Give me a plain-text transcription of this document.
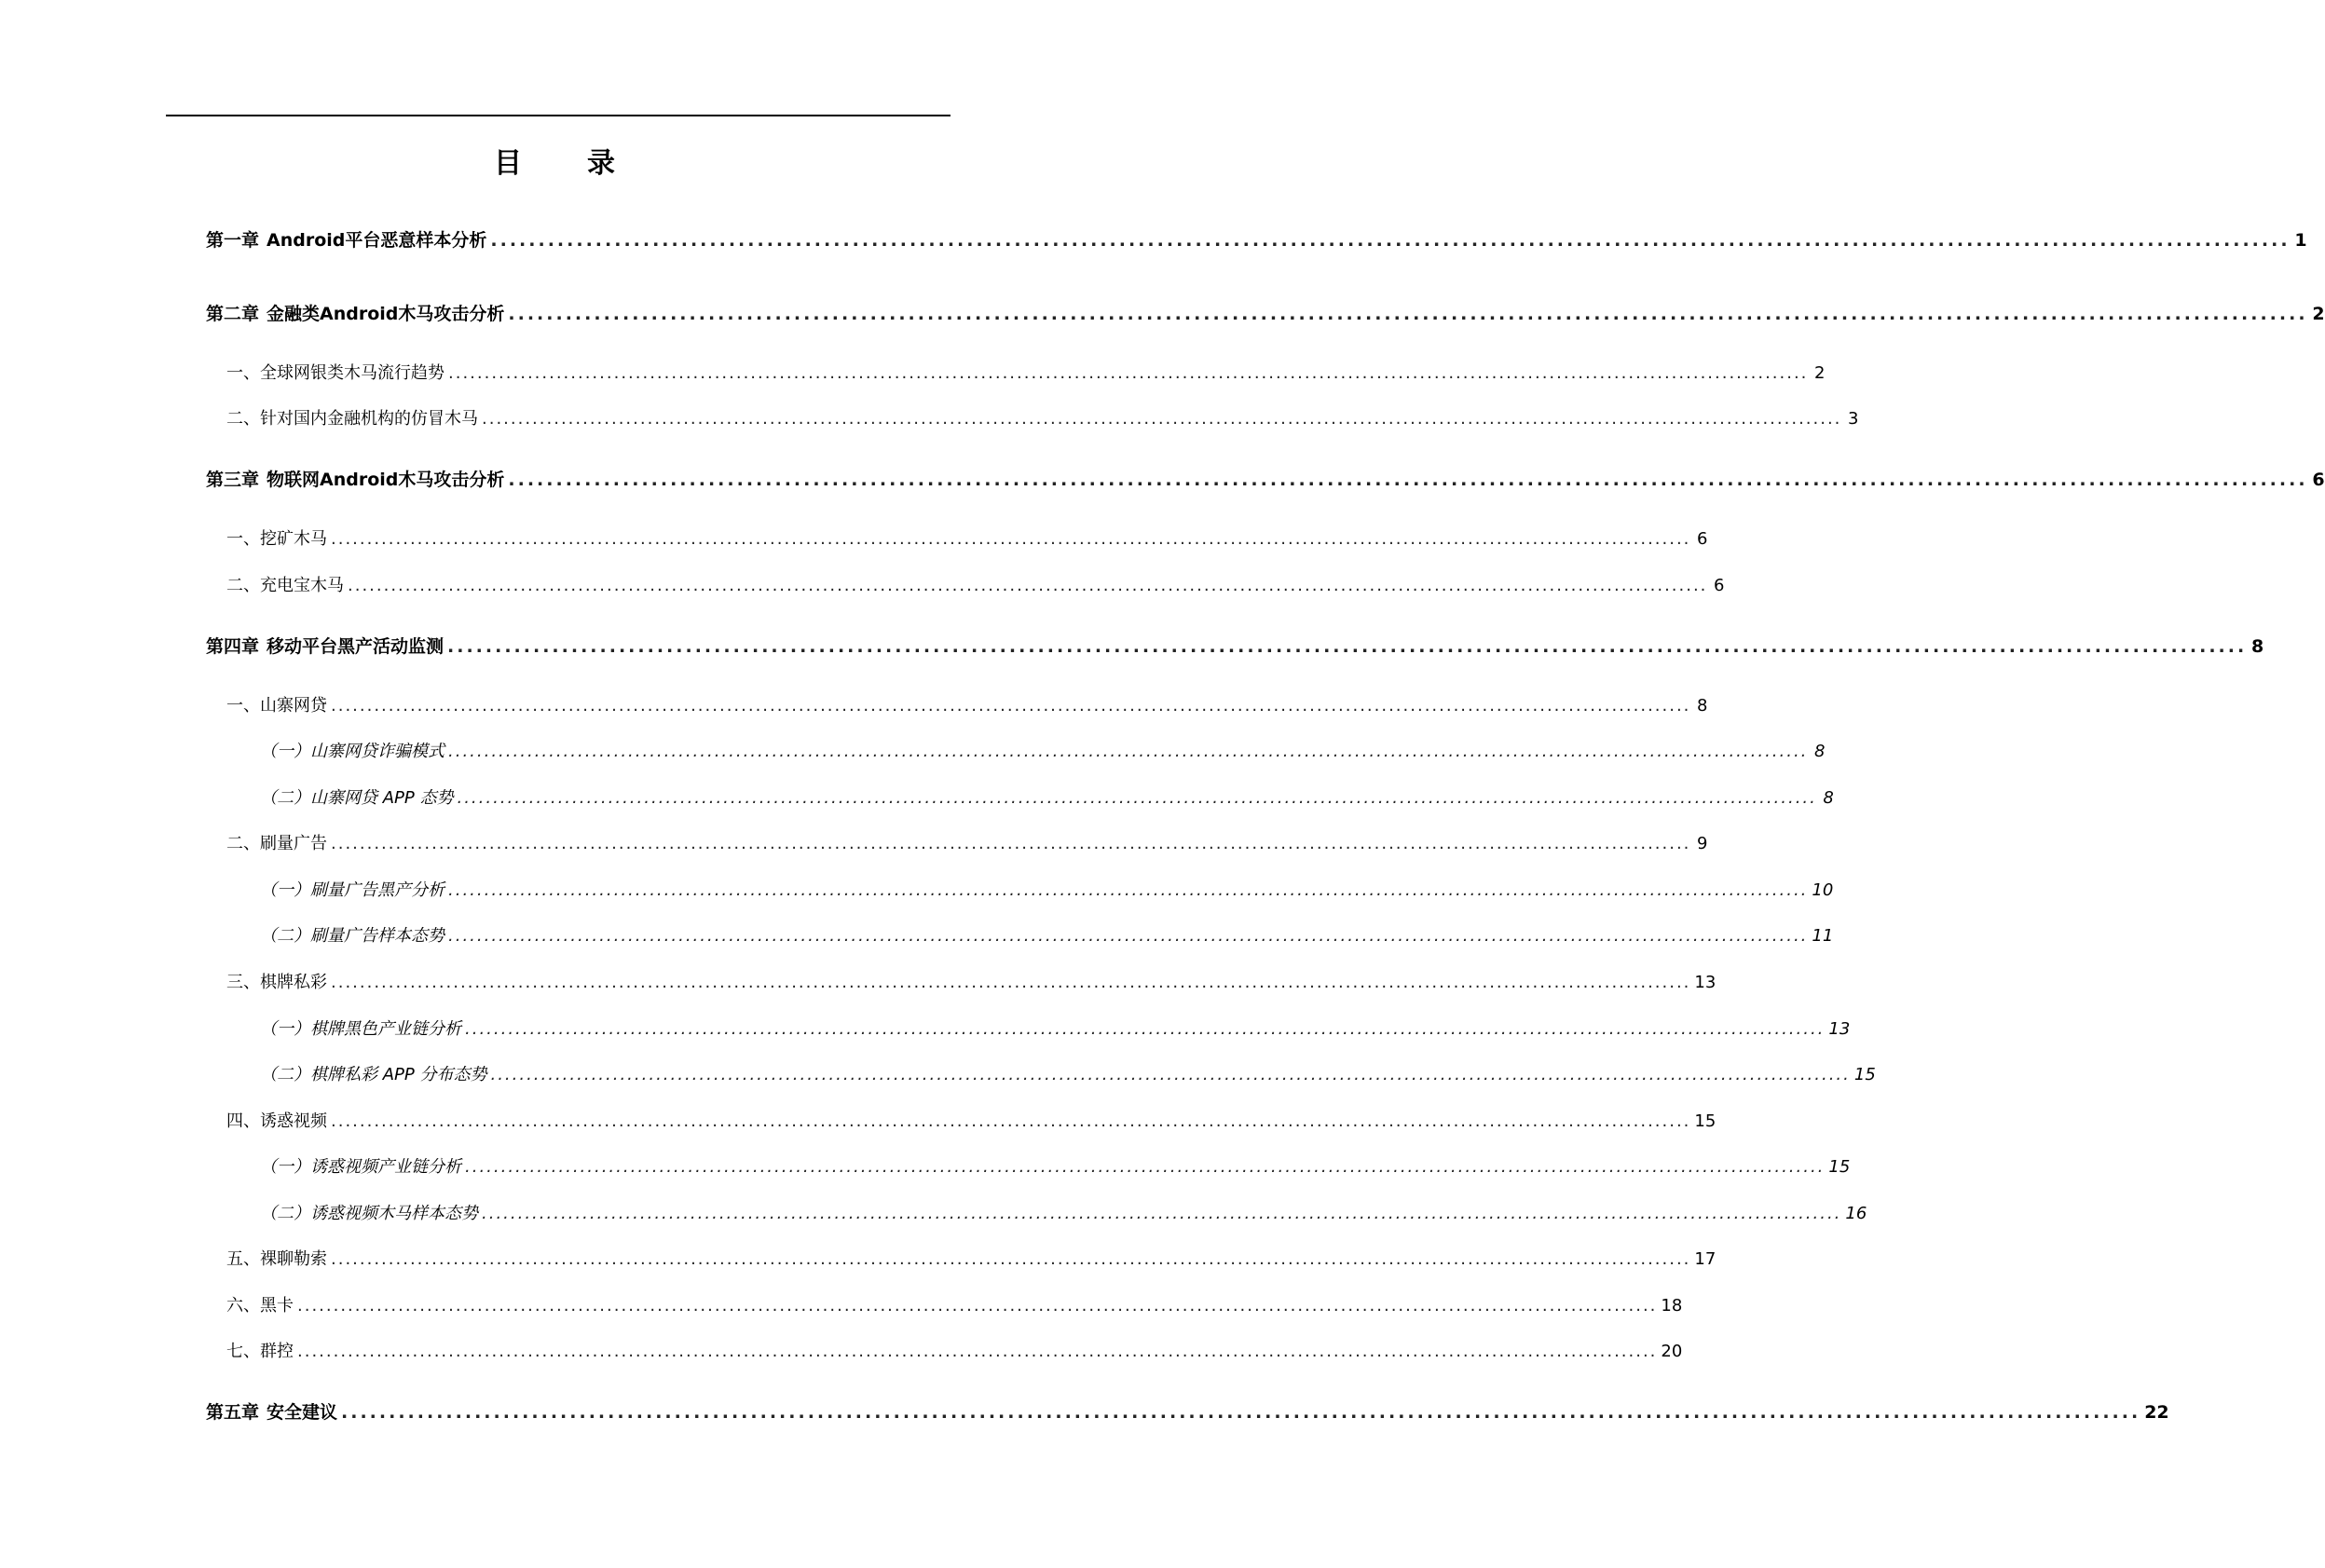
目 录
第一章 Android平台恶意样本分析 ............................................................................................................................................................................................. 1
第二章 金融类Android木马攻击分析 ............................................................................................................................................................................................. 2
一、 全球网银类木马流行趋势 ............................................................................................................................................................................................. 2
二、 针对国内金融机构的仿冒木马 ............................................................................................................................................................................................. 3
第三章 物联网Android木马攻击分析 ............................................................................................................................................................................................. 6
一、 挖矿木马 ............................................................................................................................................................................................. 6
二、 充电宝木马 ............................................................................................................................................................................................. 6
第四章 移动平台黑产活动监测 ............................................................................................................................................................................................. 8
一、 山寨网贷 ............................................................................................................................................................................................. 8
（一） 山寨网贷诈骗模式 ............................................................................................................................................................................................. 8
（二） 山寨网贷 APP 态势 ............................................................................................................................................................................................. 8
二、 刷量广告 ............................................................................................................................................................................................. 9
（一） 刷量广告黑产分析 ............................................................................................................................................................................................. 10
（二） 刷量广告样本态势 ............................................................................................................................................................................................. 11
三、 棋牌私彩 ............................................................................................................................................................................................. 13
（一） 棋牌黑色产业链分析 ............................................................................................................................................................................................. 13
（二） 棋牌私彩 APP 分布态势 ............................................................................................................................................................................................. 15
四、 诱惑视频 ............................................................................................................................................................................................. 15
（一） 诱惑视频产业链分析 ............................................................................................................................................................................................. 15
（二） 诱惑视频木马样本态势 ............................................................................................................................................................................................. 16
五、 裸聊勒索 ............................................................................................................................................................................................. 17
六、 黑卡 ............................................................................................................................................................................................. 18
七、 群控 ............................................................................................................................................................................................. 20
第五章 安全建议 ............................................................................................................................................................................................. 22
